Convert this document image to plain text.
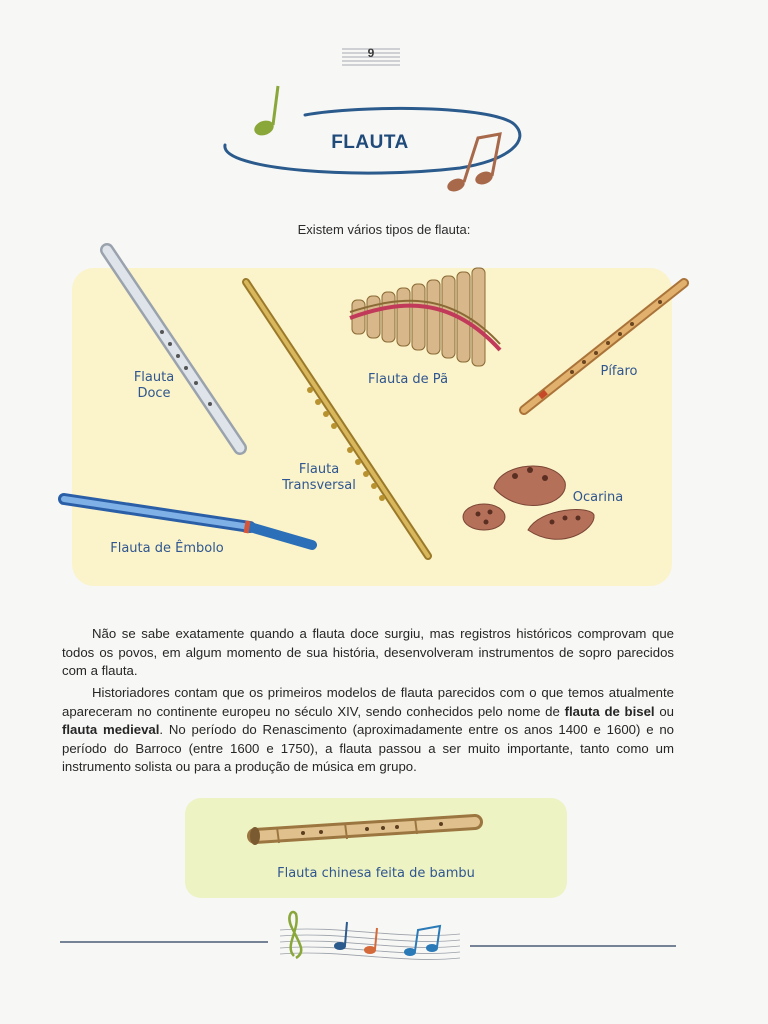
9
FLAUTA
Existem vários tipos de flauta:
Flauta
Doce
Flauta
Transversal
Flauta de Pã
Pífaro
Ocarina
Flauta de Êmbolo

Não se sabe exatamente quando a flauta doce surgiu, mas registros históricos comprovam que todos os povos, em algum momento de sua história, desenvolveram instrumentos de sopro parecidos com a flauta.

Historiadores contam que os primeiros modelos de flauta parecidos com o que temos atualmente apareceram no continente europeu no século XIV, sendo conhecidos pelo nome de flauta de bisel ou flauta medieval. No período do Renascimento (aproximadamente entre os anos 1400 e 1600) e no período do Barroco (entre 1600 e 1750), a flauta passou a ser muito importante, tanto como um instrumento solista ou para a produção de música em grupo.

Flauta chinesa feita de bambu
